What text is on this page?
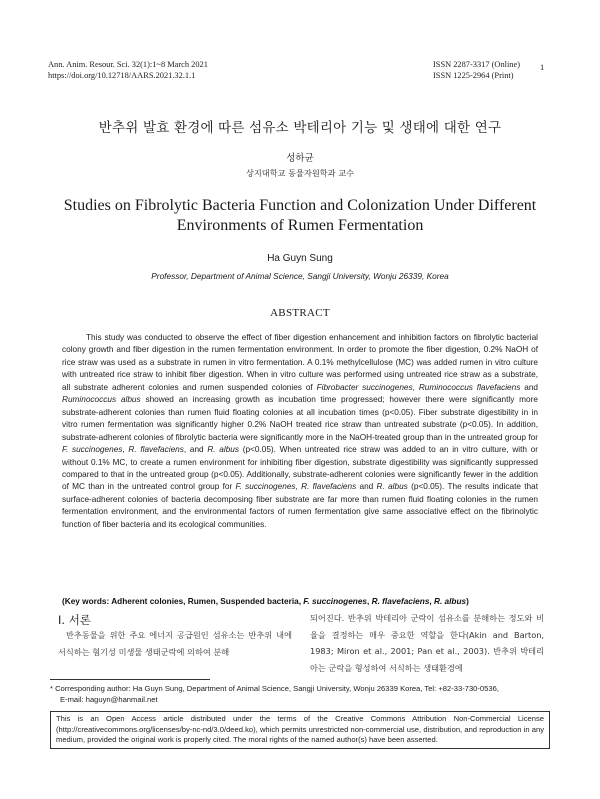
Ann. Anim. Resour. Sci. 32(1):1~8 March 2021
https://doi.org/10.12718/AARS.2021.32.1.1
ISSN 2287-3317 (Online)
ISSN 1225-2964 (Print)
1
반추위 발효 환경에 따른 섬유소 박테리아 기능 및 생태에 대한 연구
성하균
상지대학교 동물자원학과 교수
Studies on Fibrolytic Bacteria Function and Colonization Under Different
Environments of Rumen Fermentation
Ha Guyn Sung
Professor, Department of Animal Science, Sangji University, Wonju 26339, Korea
ABSTRACT

This study was conducted to observe the effect of fiber digestion enhancement and inhibition factors on fibrolytic bacterial colony growth and fiber digestion in the rumen fermentation environment. In order to promote the fiber digestion, 0.2% NaOH of rice straw was used as a substrate in rumen in vitro fermentation. A 0.1% methylcellulose (MC) was added rumen in vitro culture with untreated rice straw to inhibit fiber digestion. When in vitro culture was performed using untreated rice straw as a substrate, all substrate adherent colonies and rumen suspended colonies of Fibrobacter succinogenes, Ruminococcus flavefaciens and Ruminococcus albus showed an increasing growth as incubation time progressed; however there were significantly more substrate-adherent colonies than rumen fluid floating colonies at all incubation times (p<0.05). Fiber substrate digestibility in in vitro rumen fermentation was significantly higher 0.2% NaOH treated rice straw than untreated substrate (p<0.05). In addition, substrate-adherent colonies of fibrolytic bacteria were significantly more in the NaOH-treated group than in the untreated group for F. succinogenes, R. flavefaciens, and R. albus (p<0.05). When untreated rice straw was added to an in vitro culture, with or without 0.1% MC, to create a rumen environment for inhibiting fiber digestion, substrate digestibility was significantly suppressed compared to that in the untreated group (p<0.05). Additionally, substrate-adherent colonies were significantly fewer in the addition of MC than in the untreated control group for F. succinogenes, R. flavefaciens and R. albus (p<0.05). The results indicate that surface-adherent colonies of bacteria decomposing fiber substrate are far more than rumen fluid floating colonies in the rumen fermentation environment, and the environmental factors of rumen fermentation give same associative effect on the fibrinolytic function of fiber bacteria and its ecological communities.

(Key words: Adherent colonies, Rumen, Suspended bacteria, F. succinogenes, R. flavefaciens, R. albus)
I. 서론

반추동물을 위한 주요 에너지 공급원인 섬유소는 반추위 내에 서식하는 혐기성 미생물 생태군락에 의하여 분해

되어진다. 반추위 박테리아 군락이 섬유소를 분해하는 정도와 비율을 결정하는 매우 중요한 역할을 한다(Akin and Barton, 1983; Miron et al., 2001; Pan et al., 2003). 반추위 박테리아는 군락을 형성하여 서식하는 생태환경에

* Corresponding author: Ha Guyn Sung, Department of Animal Science, Sangji University, Wonju 26339 Korea, Tel: +82-33-730-0536,
E-mail: haguyn@hanmail.net
This is an Open Access article distributed under the terms of the Creative Commons Attribution Non-Commercial License (http://creativecommons.org/licenses/by-nc-nd/3.0/deed.ko), which permits unrestricted non-commercial use, distribution, and reproduction in any medium, provided the original work is properly cited. The moral rights of the named author(s) have been asserted.
